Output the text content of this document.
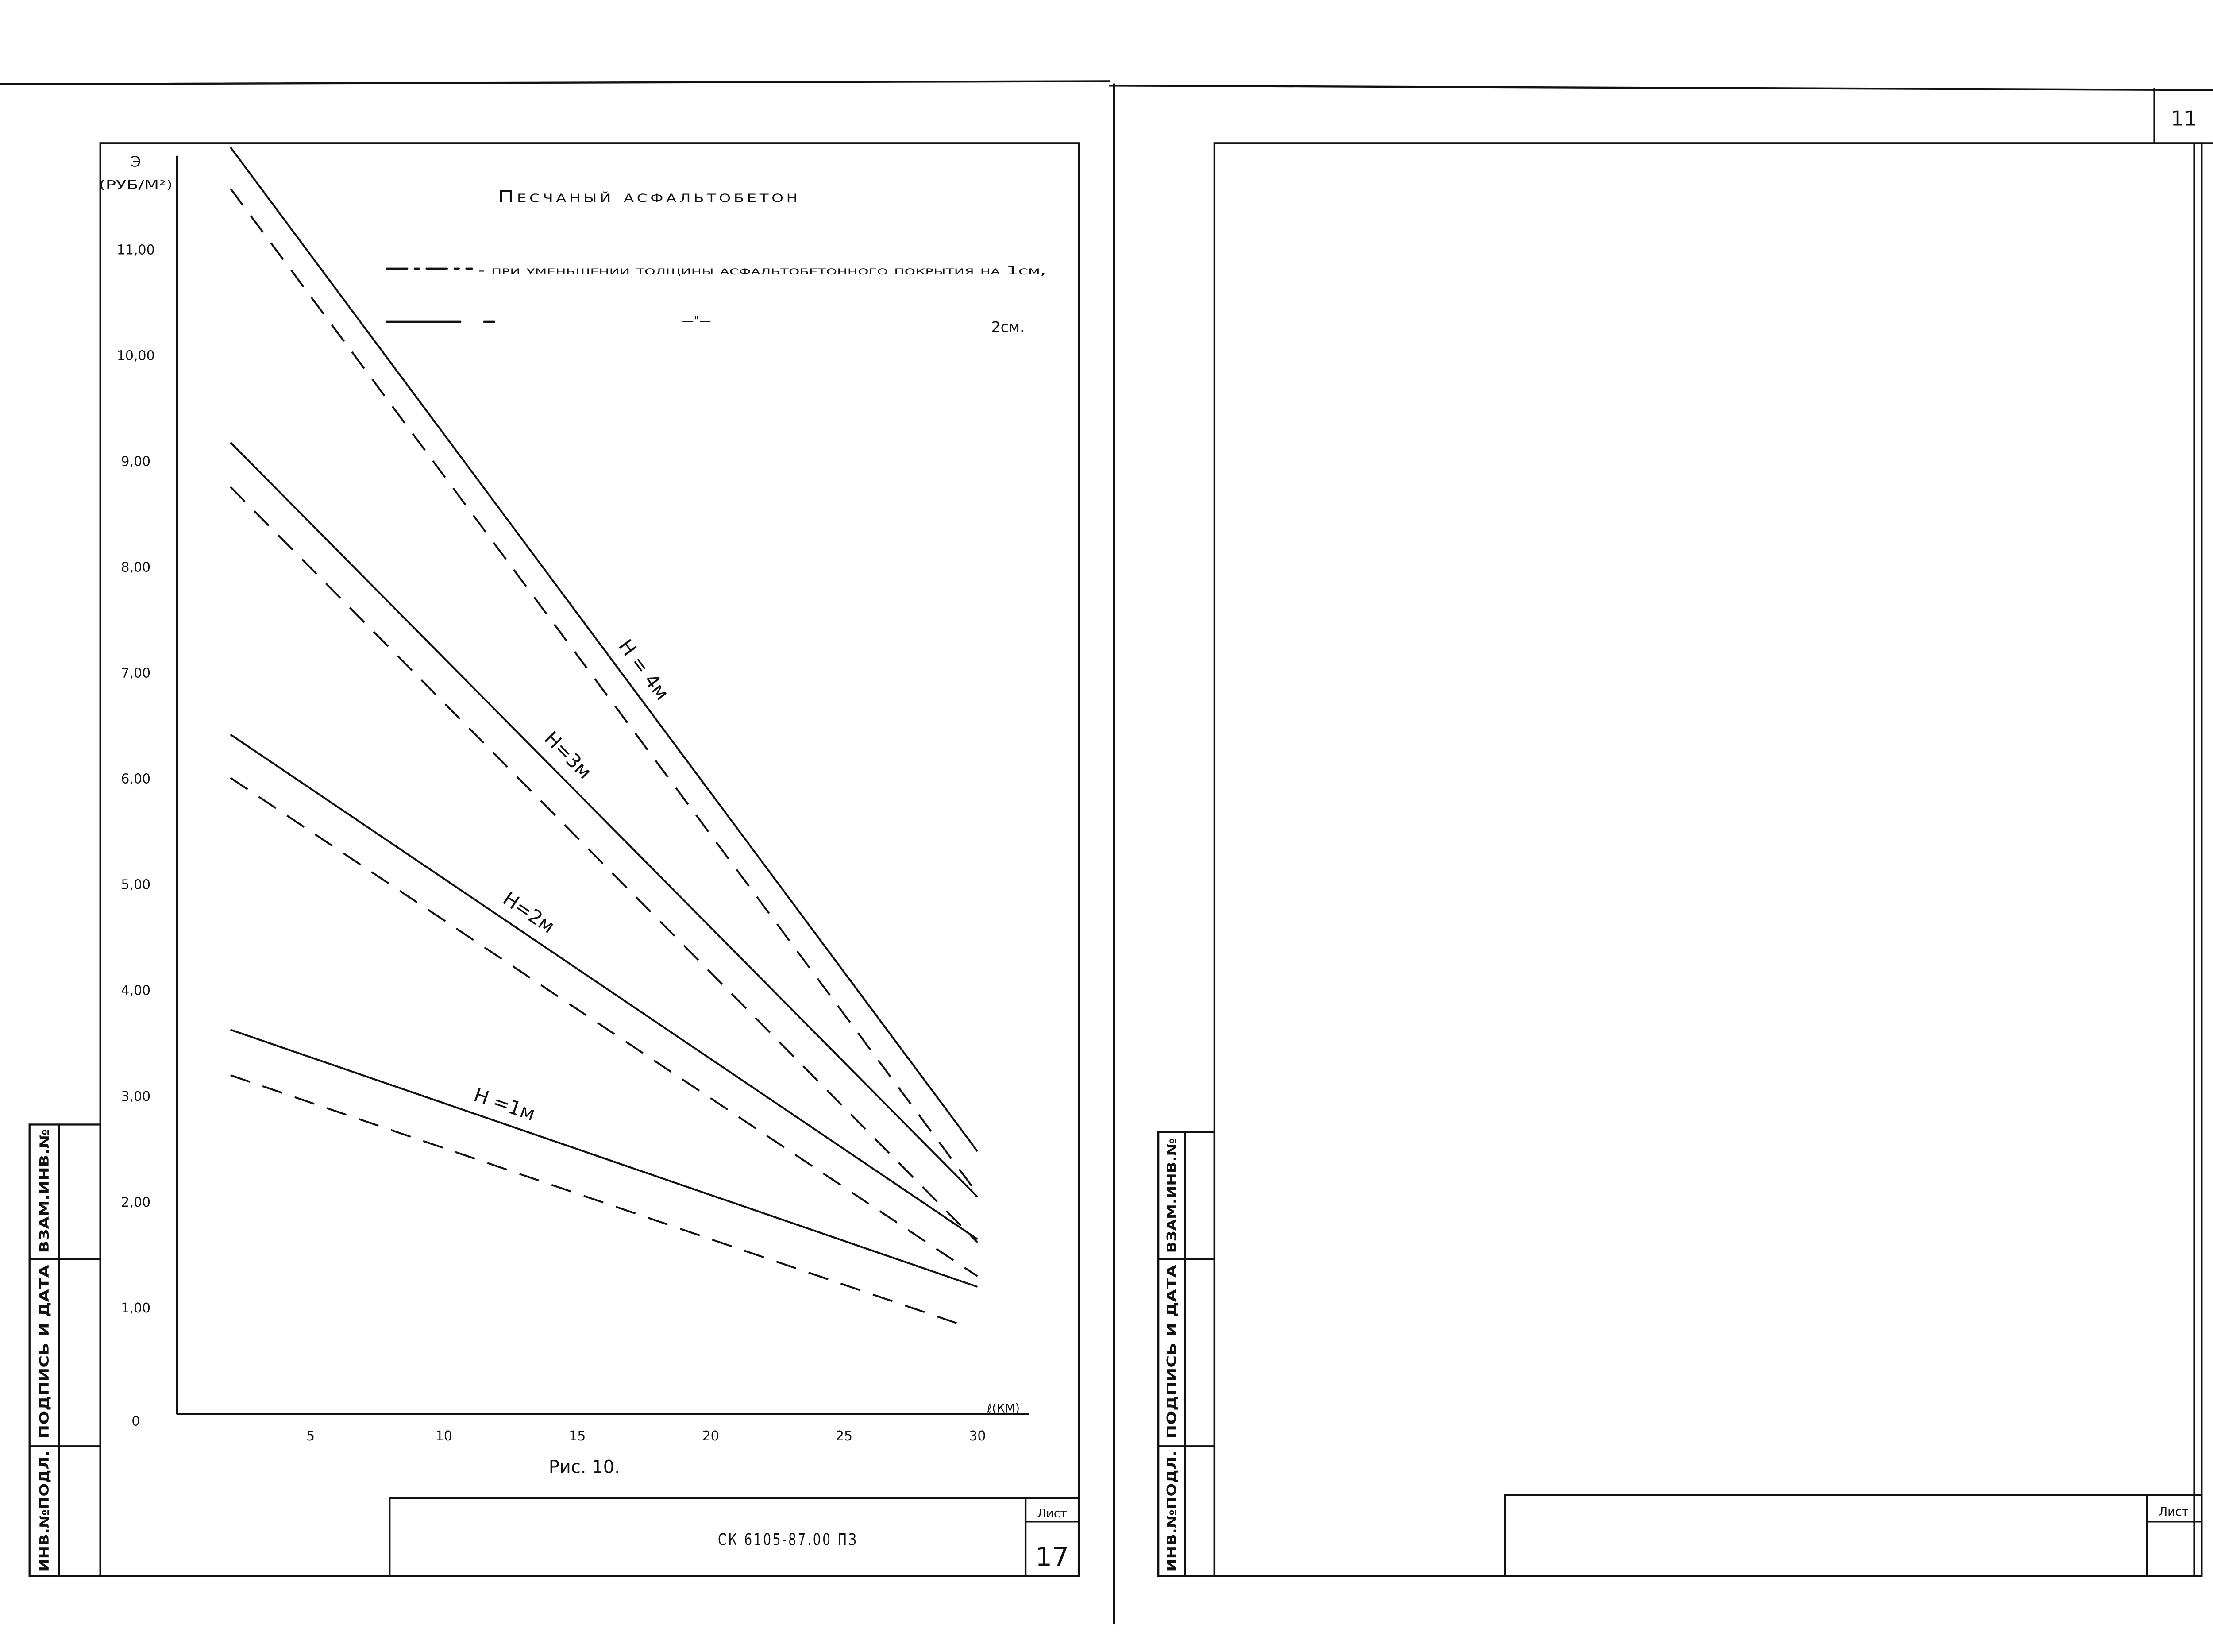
11
ВЗАМ.ИНВ.№
ПОДПИСЬ И ДАТА
ИНВ.№ПОДЛ.	СК 6105-87.00 ПЗ
Лист
17
ВЗАМ.ИНВ.№
ПОДПИСЬ И ДАТА
ИНВ.№ПОДЛ.	Лист
Э
(РУБ/М²)
ℓ(КМ)
Песчаный асфальтобетон
- при уменьшении толщины асфальтобетонного покрытия на 1см,
—"—	2см.
0
1,00
2,00
3,00
4,00
5,00
6,00
7,00
8,00
9,00
10,00
11,00
5	10	15	20	25	30
H = 4м
H=3м
H=2м
H =1м
Рис. 10.
